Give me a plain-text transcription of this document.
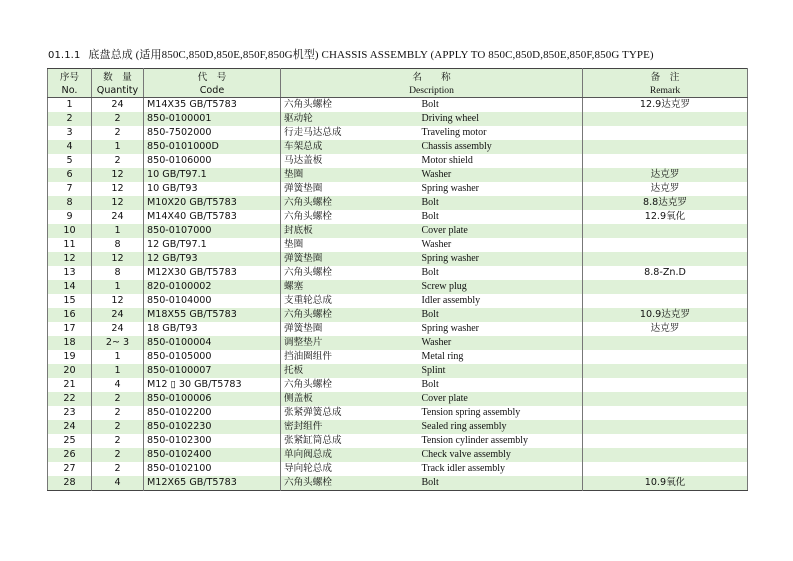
01.1.1 底盘总成 (适用850C,850D,850E,850F,850G机型) CHASSIS ASSEMBLY (APPLY TO 850C,850D,850E,850F,850G TYPE)
序号	数　量	代　号	名　　称		备　注
No.	Quantity	Code	Description		Remark
1	24	M14X35 GB/T5783	六角头螺栓	Bolt	12.9达克罗
2	2	850-0100001	驱动轮	Driving wheel	
3	2	850-7502000	行走马达总成	Traveling motor	
4	1	850-0101000D	车架总成	Chassis assembly	
5	2	850-0106000	马达盖板	Motor shield	
6	12	10 GB/T97.1	垫圈	Washer	达克罗
7	12	10 GB/T93	弹簧垫圈	Spring washer	达克罗
8	12	M10X20 GB/T5783	六角头螺栓	Bolt	8.8达克罗
9	24	M14X40 GB/T5783	六角头螺栓	Bolt	12.9氧化
10	1	850-0107000	封底板	Cover plate	
11	8	12 GB/T97.1	垫圈	Washer	
12	12	12 GB/T93	弹簧垫圈	Spring washer	
13	8	M12X30 GB/T5783	六角头螺栓	Bolt	8.8-Zn.D
14	1	820-0100002	螺塞	Screw plug	
15	12	850-0104000	支重轮总成	Idler assembly	
16	24	M18X55 GB/T5783	六角头螺栓	Bolt	10.9达克罗
17	24	18 GB/T93	弹簧垫圈	Spring washer	达克罗
18	2~ 3	850-0100004	调整垫片	Washer	
19	1	850-0105000	挡油圈组件	Metal ring	
20	1	850-0100007	托板	Splint	
21	4	M12 ▯ 30 GB/T5783	六角头螺栓	Bolt	
22	2	850-0100006	侧盖板	Cover plate	
23	2	850-0102200	张紧弹簧总成	Tension spring assembly	
24	2	850-0102230	密封组件	Sealed ring assembly	
25	2	850-0102300	张紧缸筒总成	Tension cylinder assembly	
26	2	850-0102400	单向阀总成	Check valve assembly	
27	2	850-0102100	导向轮总成	Track idler assembly	
28	4	M12X65 GB/T5783	六角头螺栓	Bolt	10.9氧化
